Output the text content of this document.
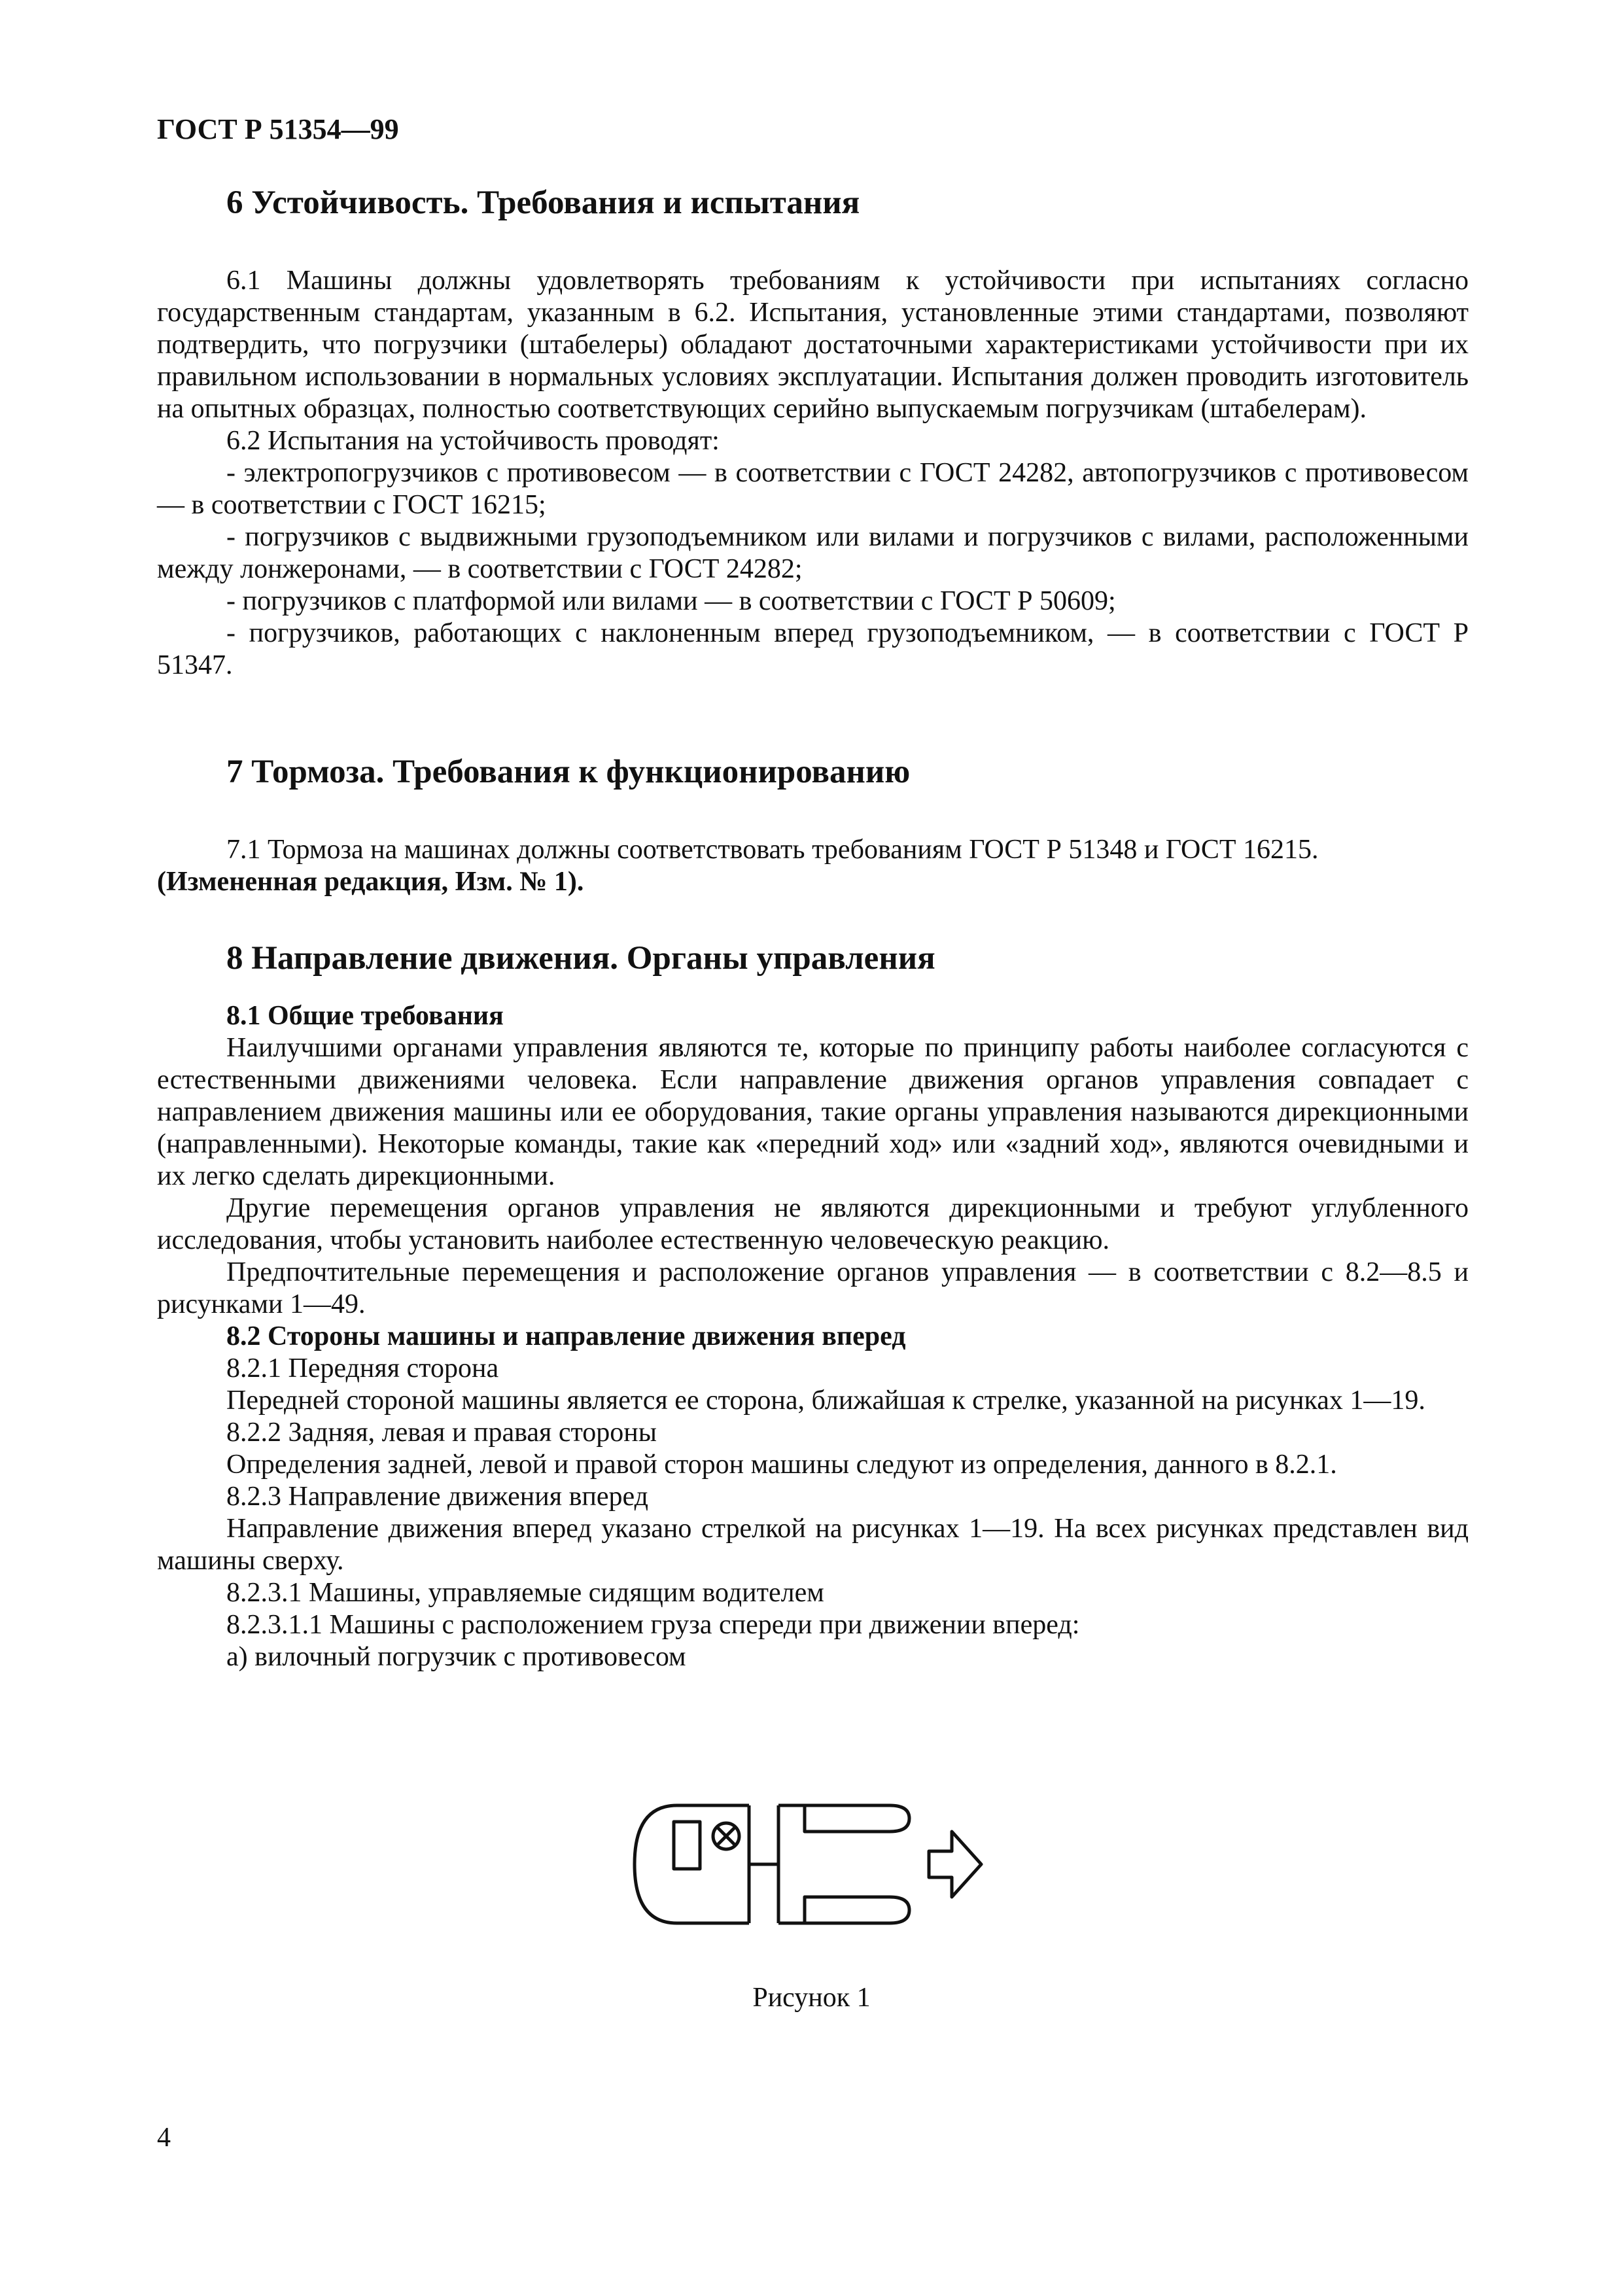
ГОСТ Р 51354—99
6 Устойчивость. Требования и испытания

6.1 Машины должны удовлетворять требованиям к устойчивости при испытаниях согласно государственным стандартам, указанным в 6.2. Испытания, установленные этими стандартами, позволяют подтвердить, что погрузчики (штабелеры) обладают достаточными характеристиками устойчивости при их правильном использовании в нормальных условиях эксплуатации. Испытания должен проводить изготовитель на опытных образцах, полностью соответствующих серийно выпускаемым погрузчикам (штабелерам).

6.2 Испытания на устойчивость проводят:

- электропогрузчиков с противовесом — в соответствии с ГОСТ 24282, автопогрузчиков с противовесом — в соответствии с ГОСТ 16215;

- погрузчиков с выдвижными грузоподъемником или вилами и погрузчиков с вилами, расположенными между лонжеронами, — в соответствии с ГОСТ 24282;

- погрузчиков с платформой или вилами — в соответствии с ГОСТ Р 50609;

- погрузчиков, работающих с наклоненным вперед грузоподъемником, — в соответствии с ГОСТ Р 51347.

7 Тормоза. Требования к функционированию

7.1 Тормоза на машинах должны соответствовать требованиям ГОСТ Р 51348 и ГОСТ 16215.

(Измененная редакция, Изм. № 1).

8 Направление движения. Органы управления

8.1 Общие требования

Наилучшими органами управления являются те, которые по принципу работы наиболее согласуются с естественными движениями человека. Если направление движения органов управления совпадает с направлением движения машины или ее оборудования, такие органы управления называются дирекционными (направленными). Некоторые команды, такие как «передний ход» или «задний ход», являются очевидными и их легко сделать дирекционными.

Другие перемещения органов управления не являются дирекционными и требуют углубленного исследования, чтобы установить наиболее естественную человеческую реакцию.

Предпочтительные перемещения и расположение органов управления — в соответствии с 8.2—8.5 и рисунками 1—49.

8.2 Стороны машины и направление движения вперед

8.2.1 Передняя сторона

Передней стороной машины является ее сторона, ближайшая к стрелке, указанной на рисунках 1—19.

8.2.2 Задняя, левая и правая стороны

Определения задней, левой и правой сторон машины следуют из определения, данного в 8.2.1.

8.2.3 Направление движения вперед

Направление движения вперед указано стрелкой на рисунках 1—19. На всех рисунках представлен вид машины сверху.

8.2.3.1 Машины, управляемые сидящим водителем

8.2.3.1.1 Машины с расположением груза спереди при движении вперед:

а) вилочный погрузчик с противовесом

Рисунок 1
4
